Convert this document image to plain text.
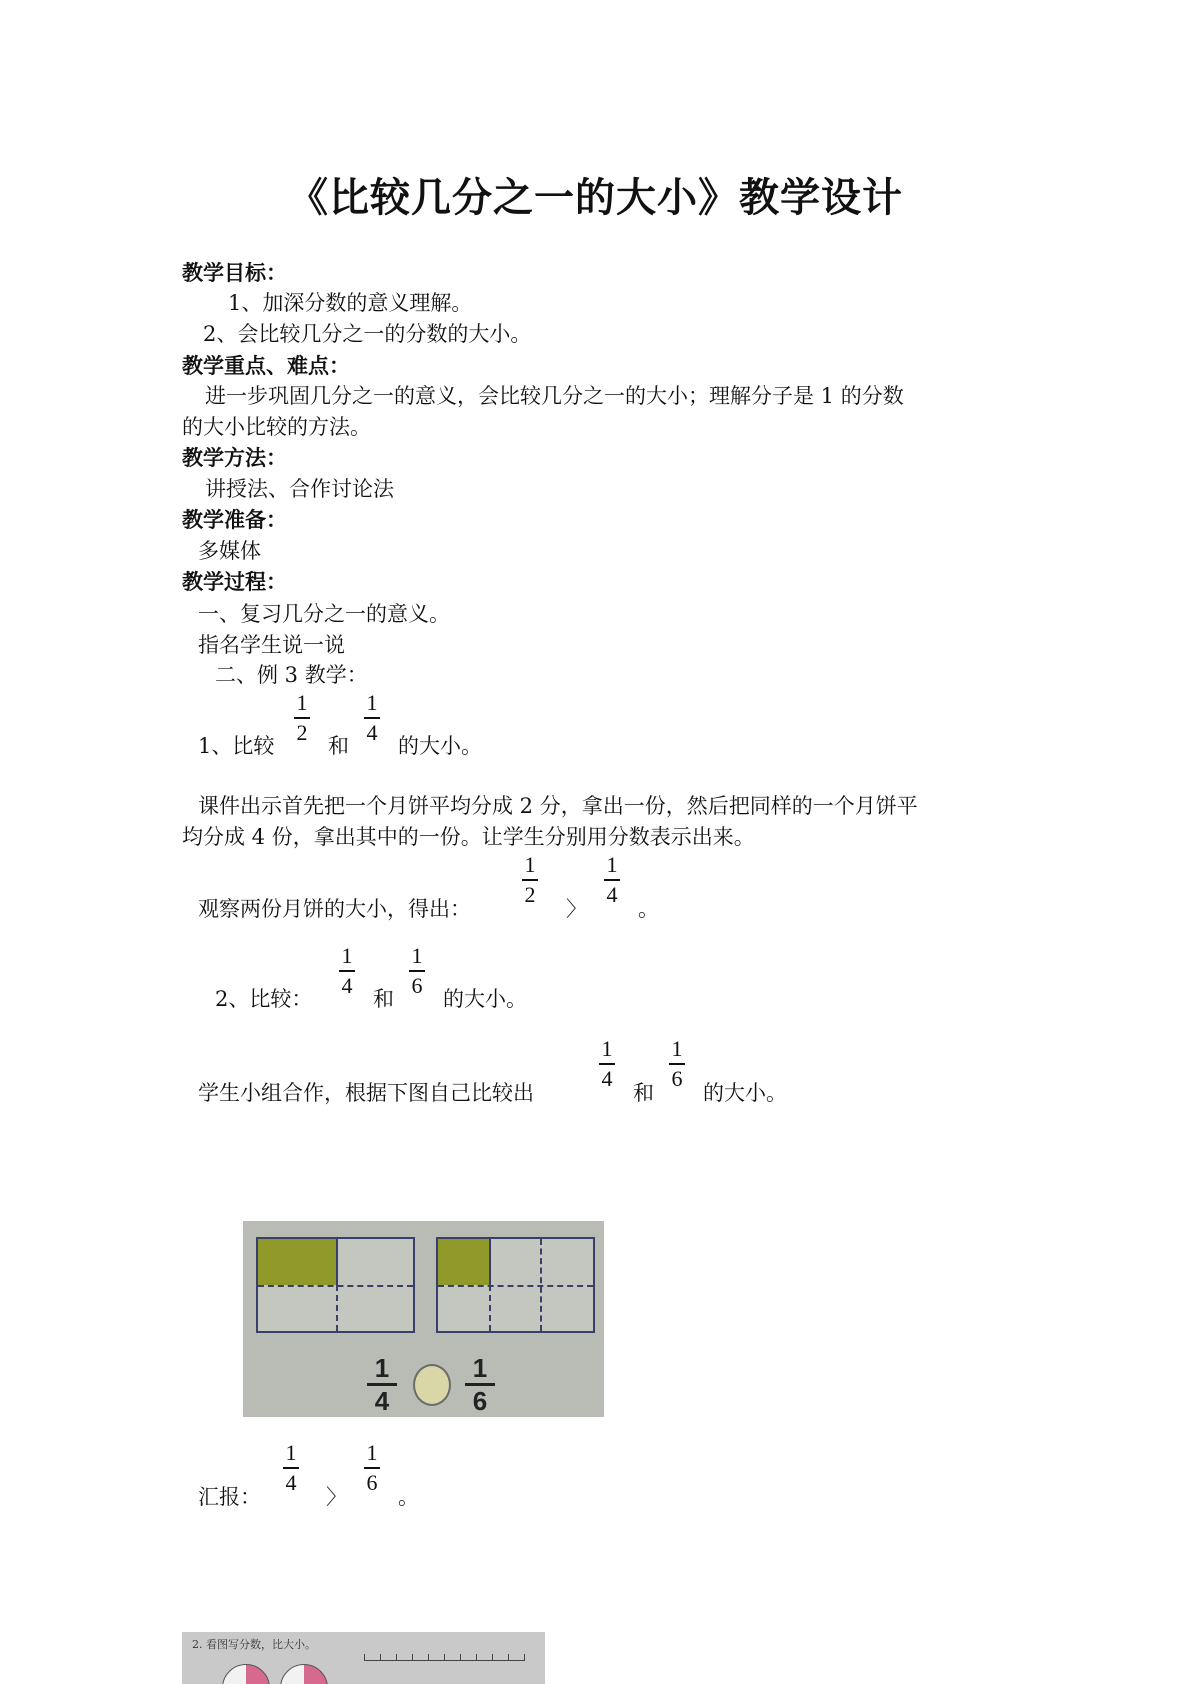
《比较几分之一的大小》教学设计
教学目标：
1、加深分数的意义理解。
2、会比较几分之一的分数的大小。
教学重点、难点：
进一步巩固几分之一的意义，会比较几分之一的大小；理解分子是 1 的分数
的大小比较的方法。
教学方法：
讲授法、合作讨论法
教学准备：
多媒体
教学过程：
一、复习几分之一的意义。
指名学生说一说
二、例 3 教学：
1、比较
1
2
和
1
4
的大小。
课件出示首先把一个月饼平均分成 2 分，拿出一份，然后把同样的一个月饼平
均分成 4 份，拿出其中的一份。让学生分别用分数表示出来。
观察两份月饼的大小，得出：
1
2
〉
1
4
。
2、比较：
1
4
和
1
6
的大小。
学生小组合作，根据下图自己比较出
1
4
和
1
6
的大小。
1
4
1
6
汇报：
1
4
〉
1
6
。
2. 看图写分数，比大小。
